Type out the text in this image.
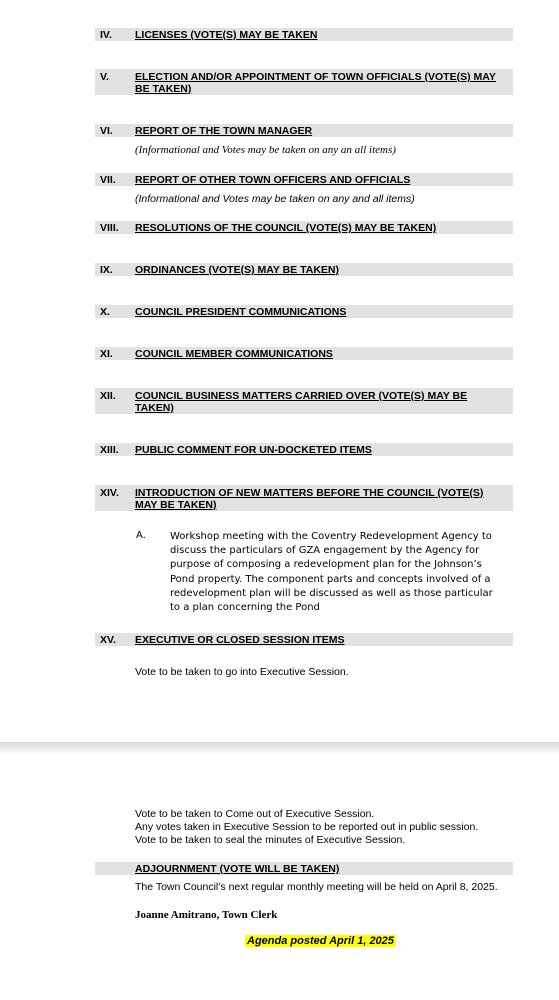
IV. LICENSES (VOTE(S) MAY BE TAKEN
V. ELECTION AND/OR APPOINTMENT OF TOWN OFFICIALS (VOTE(S) MAY BE TAKEN)
VI. REPORT OF THE TOWN MANAGER
(Informational and Votes may be taken on any an all items)
VII. REPORT OF OTHER TOWN OFFICERS AND OFFICIALS
(Informational and Votes may be taken on any and all items)
VIII. RESOLUTIONS OF THE COUNCIL (VOTE(S) MAY BE TAKEN)
IX. ORDINANCES (VOTE(S) MAY BE TAKEN)
X. COUNCIL PRESIDENT COMMUNICATIONS
XI. COUNCIL MEMBER COMMUNICATIONS
XII. COUNCIL BUSINESS MATTERS CARRIED OVER (VOTE(S) MAY BE TAKEN)
XIII. PUBLIC COMMENT FOR UN-DOCKETED ITEMS
XIV. INTRODUCTION OF NEW MATTERS BEFORE THE COUNCIL (VOTE(S) MAY BE TAKEN)
A. Workshop meeting with the Coventry Redevelopment Agency to discuss the particulars of GZA engagement by the Agency for purpose of composing a redevelopment plan for the Johnson’s Pond property. The component parts and concepts involved of a redevelopment plan will be discussed as well as those particular to a plan concerning the Pond
XV. EXECUTIVE OR CLOSED SESSION ITEMS
Vote to be taken to go into Executive Session.
Vote to be taken to Come out of Executive Session.
Any votes taken in Executive Session to be reported out in public session.
Vote to be taken to seal the minutes of Executive Session.
ADJOURNMENT (VOTE WILL BE TAKEN)
The Town Council’s next regular monthly meeting will be held on April 8, 2025.
Joanne Amitrano, Town Clerk
Agenda posted April 1, 2025
